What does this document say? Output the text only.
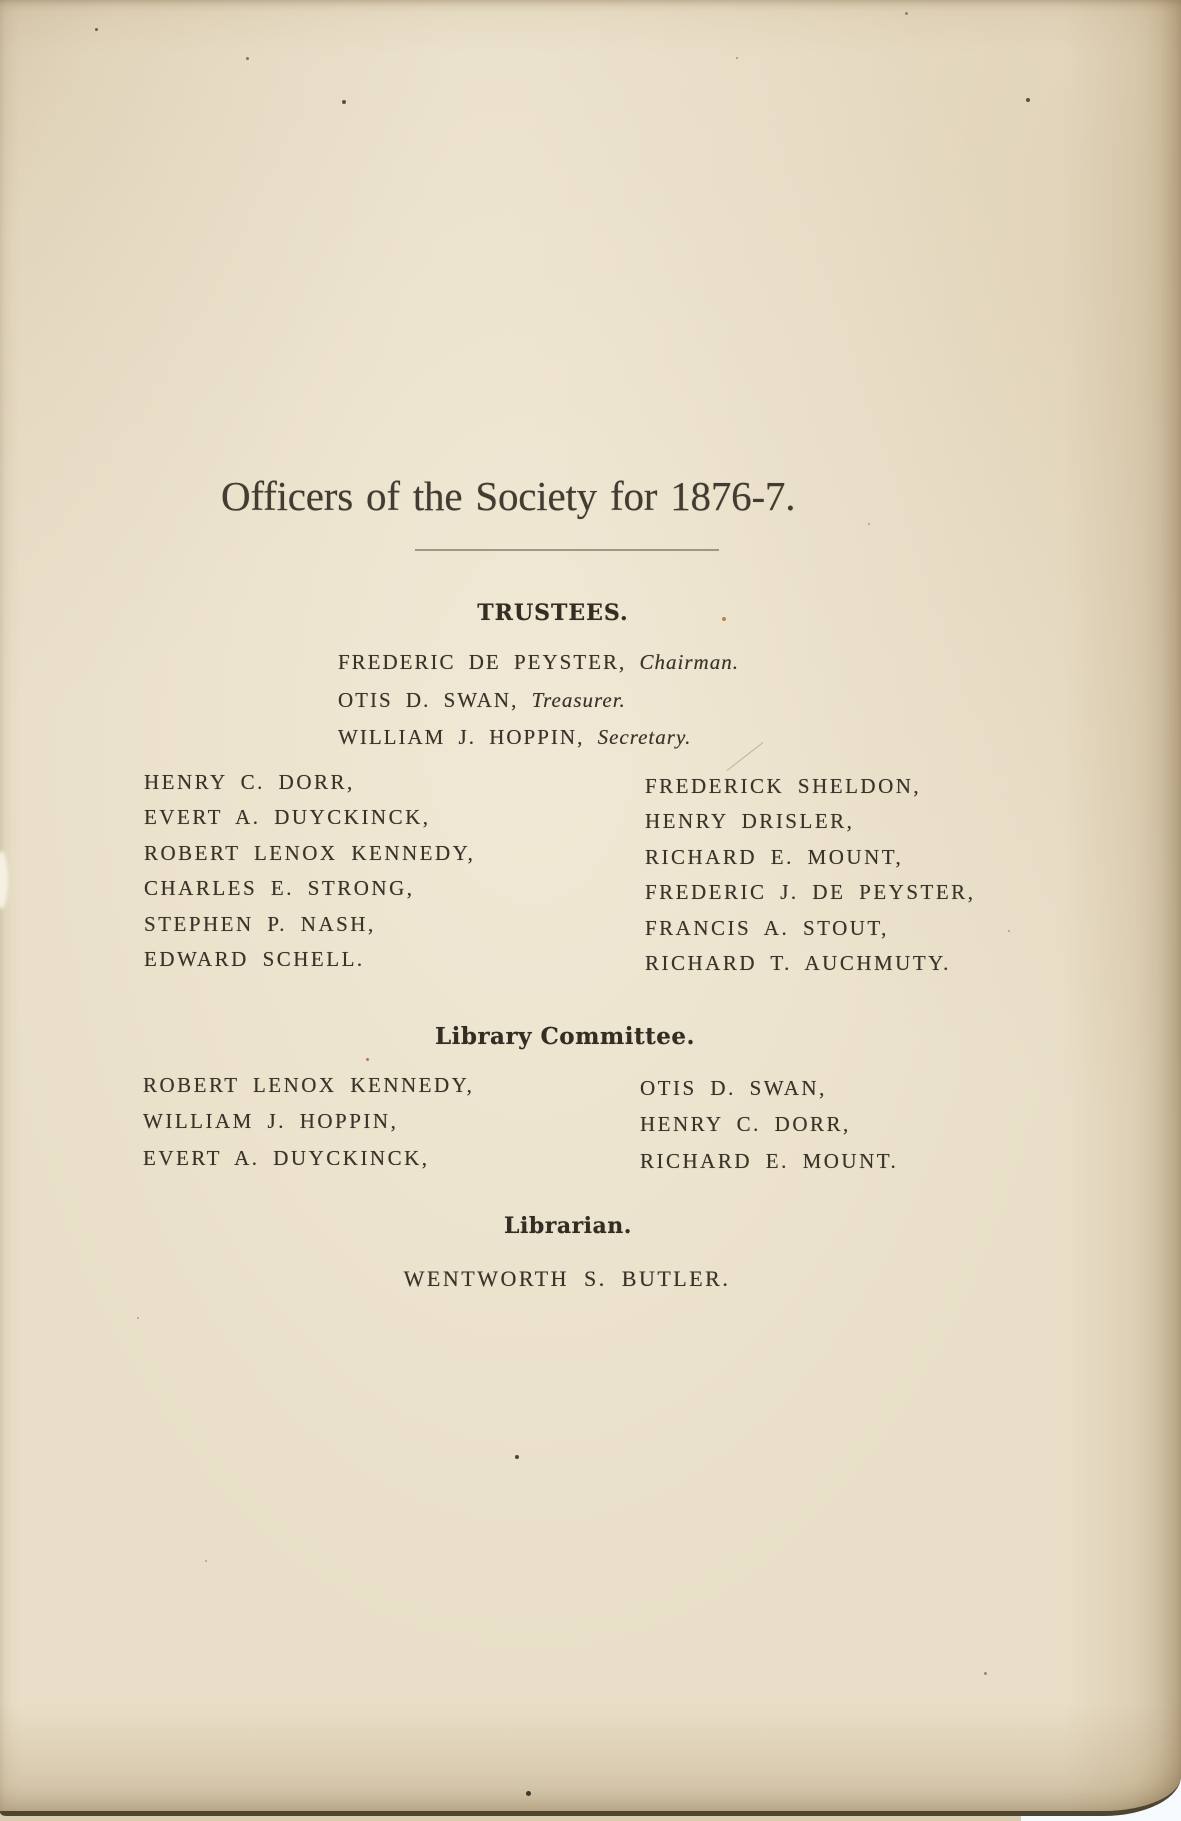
Officers of the Society for 1876-7.
TRUSTEES.
FREDERIC DE PEYSTER, Chairman.
OTIS D. SWAN, Treasurer.
WILLIAM J. HOPPIN, Secretary.
HENRY C. DORR,
EVERT A. DUYCKINCK,
ROBERT LENOX KENNEDY,
CHARLES E. STRONG,
STEPHEN P. NASH,
EDWARD SCHELL.
FREDERICK SHELDON,
HENRY DRISLER,
RICHARD E. MOUNT,
FREDERIC J. DE PEYSTER,
FRANCIS A. STOUT,
RICHARD T. AUCHMUTY.
Library Committee.
ROBERT LENOX KENNEDY,
WILLIAM J. HOPPIN,
EVERT A. DUYCKINCK,
OTIS D. SWAN,
HENRY C. DORR,
RICHARD E. MOUNT.
Librarian.

WENTWORTH S. BUTLER.
